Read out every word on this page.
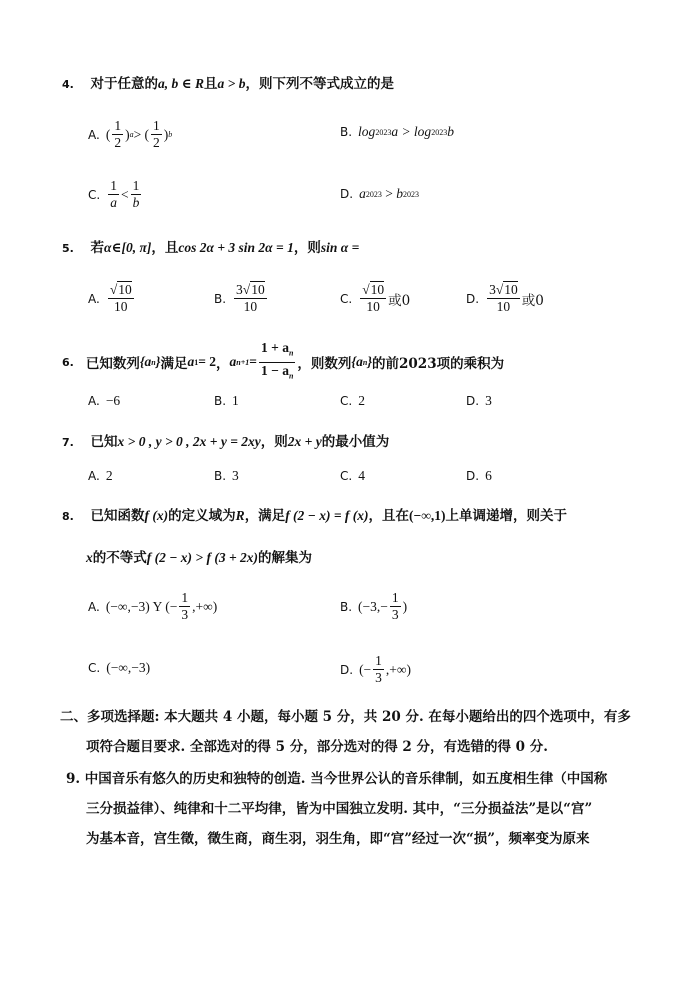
4. 对于任意的a, b ∈ R且a > b，则下列不等式成立的是
A. ( $\frac{1}{2}$ ) a > ( $\frac{1}{2}$ ) b	B. log 2023 a > log 2023 b
C. $\frac{1}{a} < \frac{1}{b}$	D. a 2023 > b 2023
5. 若α∈[0, π]，且cos 2α + 3 sin 2α = 1，则sin α =
A. $\frac{√10}{10}$	B. $\frac{3√10}{10}$	C. $\frac{√10}{10}$ 或0	D. $\frac{3√10}{10}$ 或0
6. 已知数列 {a n } 满足 a 1 = 2 ， a $n+1 = \frac{1 + a_n}{1 - a_n}$ ，则数列 {a n } 的前2023项的乘积为
A. −6	B. 1	C. 2	D. 3
7. 已知x > 0 , y > 0 , 2x + y = 2xy，则2x + y的最小值为
A. 2	B. 3	C. 4	D. 6
8. 已知函数f (x)的定义域为R，满足f (2 − x) = f (x)，且在(−∞,1)上单调递增，则关于
x的不等式f (2 − x) > f (3 + 2x)的解集为
A. (−∞,−3) Y (− $\frac{1}{3}$ ,+∞)	B. ($-3,- \frac{1}{3}$ )
C. (−∞,−3)	D. (− $\frac{1}{3}$ ,+∞)
二、多项选择题: 本大题共 4 小题，每小题 5 分，共 20 分. 在每小题给出的四个选项中，有多
项符合题目要求. 全部选对的得 5 分，部分选对的得 2 分，有选错的得 0 分.
9. 中国音乐有悠久的历史和独特的创造. 当今世界公认的音乐律制，如五度相生律（中国称
三分损益律）、纯律和十二平均律，皆为中国独立发明. 其中，“三分损益法”是以“宫”
为基本音，宫生徵，徵生商，商生羽，羽生角，即“宫”经过一次“损”，频率变为原来
